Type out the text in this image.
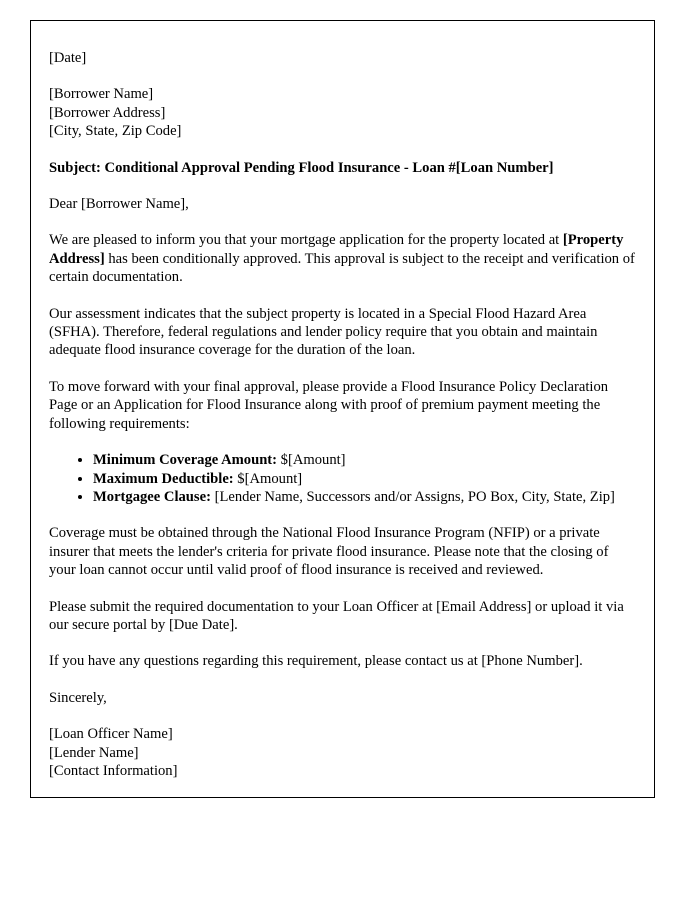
[Date]

[Borrower Name]

[Borrower Address]

[City, State, Zip Code]

Subject: Conditional Approval Pending Flood Insurance - Loan #[Loan Number]

Dear [Borrower Name],

We are pleased to inform you that your mortgage application for the property located at [Property Address] has been conditionally approved. This approval is subject to the receipt and verification of certain documentation.

Our assessment indicates that the subject property is located in a Special Flood Hazard Area (SFHA). Therefore, federal regulations and lender policy require that you obtain and maintain adequate flood insurance coverage for the duration of the loan.

To move forward with your final approval, please provide a Flood Insurance Policy Declaration Page or an Application for Flood Insurance along with proof of premium payment meeting the following requirements:

• Minimum Coverage Amount: $[Amount]
• Maximum Deductible: $[Amount]
• Mortgagee Clause: [Lender Name, Successors and/or Assigns, PO Box, City, State, Zip]

Coverage must be obtained through the National Flood Insurance Program (NFIP) or a private insurer that meets the lender's criteria for private flood insurance. Please note that the closing of your loan cannot occur until valid proof of flood insurance is received and reviewed.

Please submit the required documentation to your Loan Officer at [Email Address] or upload it via our secure portal by [Due Date].

If you have any questions regarding this requirement, please contact us at [Phone Number].

Sincerely,

[Loan Officer Name]

[Lender Name]

[Contact Information]
